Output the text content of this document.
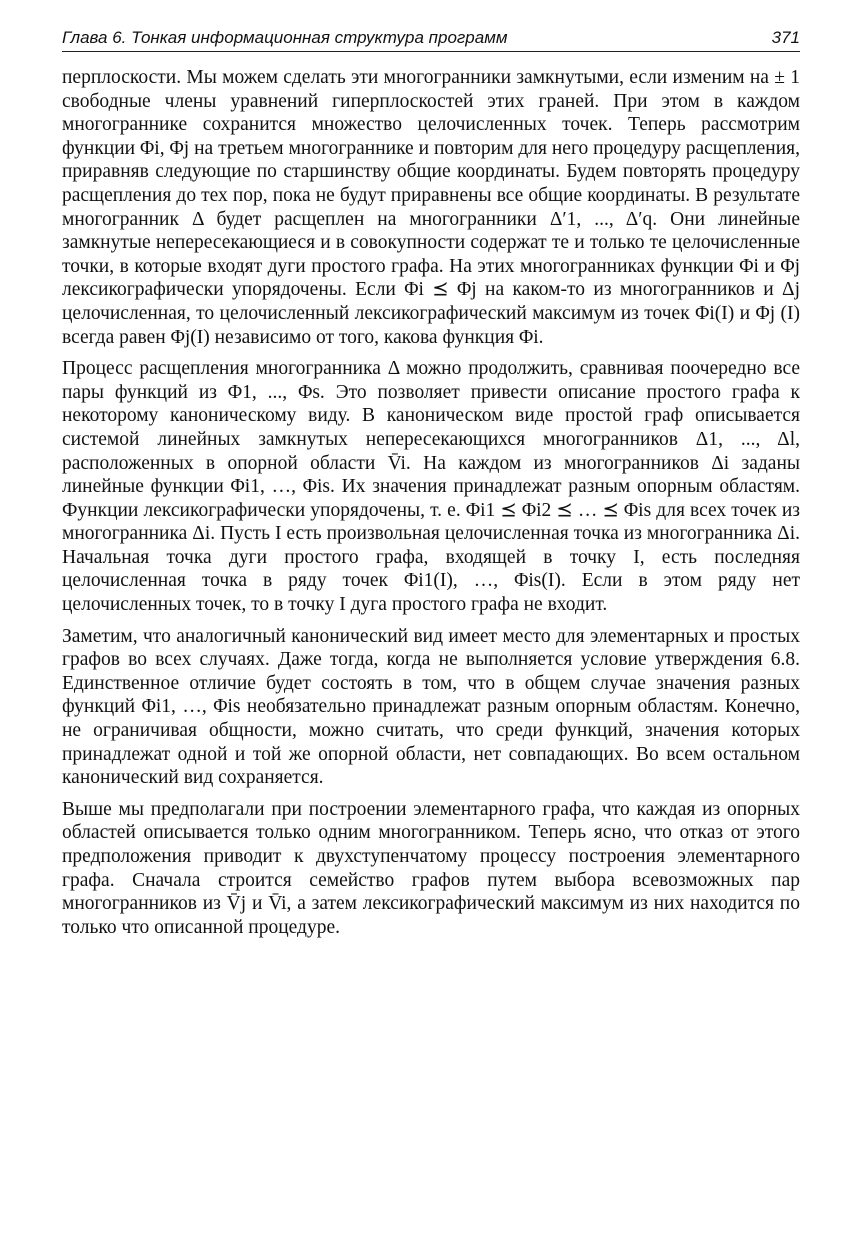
Глава 6. Тонкая информационная структура программ	371

перплоскости. Мы можем сделать эти многогранники замкнутыми, если изменим на ± 1 свободные члены уравнений гиперплоскостей этих граней. При этом в каждом многограннике сохранится множество целочисленных точек. Теперь рассмотрим функции Φi, Φj на третьем многограннике и повторим для него процедуру расщепления, приравняв следующие по старшинству общие координаты. Будем повторять процедуру расщепления до тех пор, пока не будут приравнены все общие координаты. В результате многогранник Δ будет расщеплен на многогранники Δ′1, ..., Δ′q. Они линейные замкнутые непересекающиеся и в совокупности содержат те и только те целочисленные точки, в которые входят дуги простого графа. На этих многогранниках функции Φi и Φj лексикографически упорядочены. Если Φi ⪯ Φj на каком-то из многогранников и Δj целочисленная, то целочисленный лексикографический максимум из точек Φi(I) и Φj (I) всегда равен Φj(I) независимо от того, какова функция Φi.

Процесс расщепления многогранника Δ можно продолжить, сравнивая поочередно все пары функций из Φ1, ..., Φs. Это позволяет привести описание простого графа к некоторому каноническому виду. В каноническом виде простой граф описывается системой линейных замкнутых непересекающихся многогранников Δ1, ..., Δl, расположенных в опорной области V̄i. На каждом из многогранников Δi заданы линейные функции Φi1, …, Φis. Их значения принадлежат разным опорным областям. Функции лексикографически упорядочены, т. е. Φi1 ⪯ Φi2 ⪯ … ⪯ Φis для всех точек из многогранника Δi. Пусть I есть произвольная целочисленная точка из многогранника Δi. Начальная точка дуги простого графа, входящей в точку I, есть последняя целочисленная точка в ряду точек Φi1(I), …, Φis(I). Если в этом ряду нет целочисленных точек, то в точку I дуга простого графа не входит.

Заметим, что аналогичный канонический вид имеет место для элементарных и простых графов во всех случаях. Даже тогда, когда не выполняется условие утверждения 6.8. Единственное отличие будет состоять в том, что в общем случае значения разных функций Φi1, …, Φis необязательно принадлежат разным опорным областям. Конечно, не ограничивая общности, можно считать, что среди функций, значения которых принадлежат одной и той же опорной области, нет совпадающих. Во всем остальном канонический вид сохраняется.

Выше мы предполагали при построении элементарного графа, что каждая из опорных областей описывается только одним многогранником. Теперь ясно, что отказ от этого предположения приводит к двухступенчатому процессу построения элементарного графа. Сначала строится семейство графов путем выбора всевозможных пар многогранников из V̄j и V̄i, а затем лексикографический максимум из них находится по только что описанной процедуре.
